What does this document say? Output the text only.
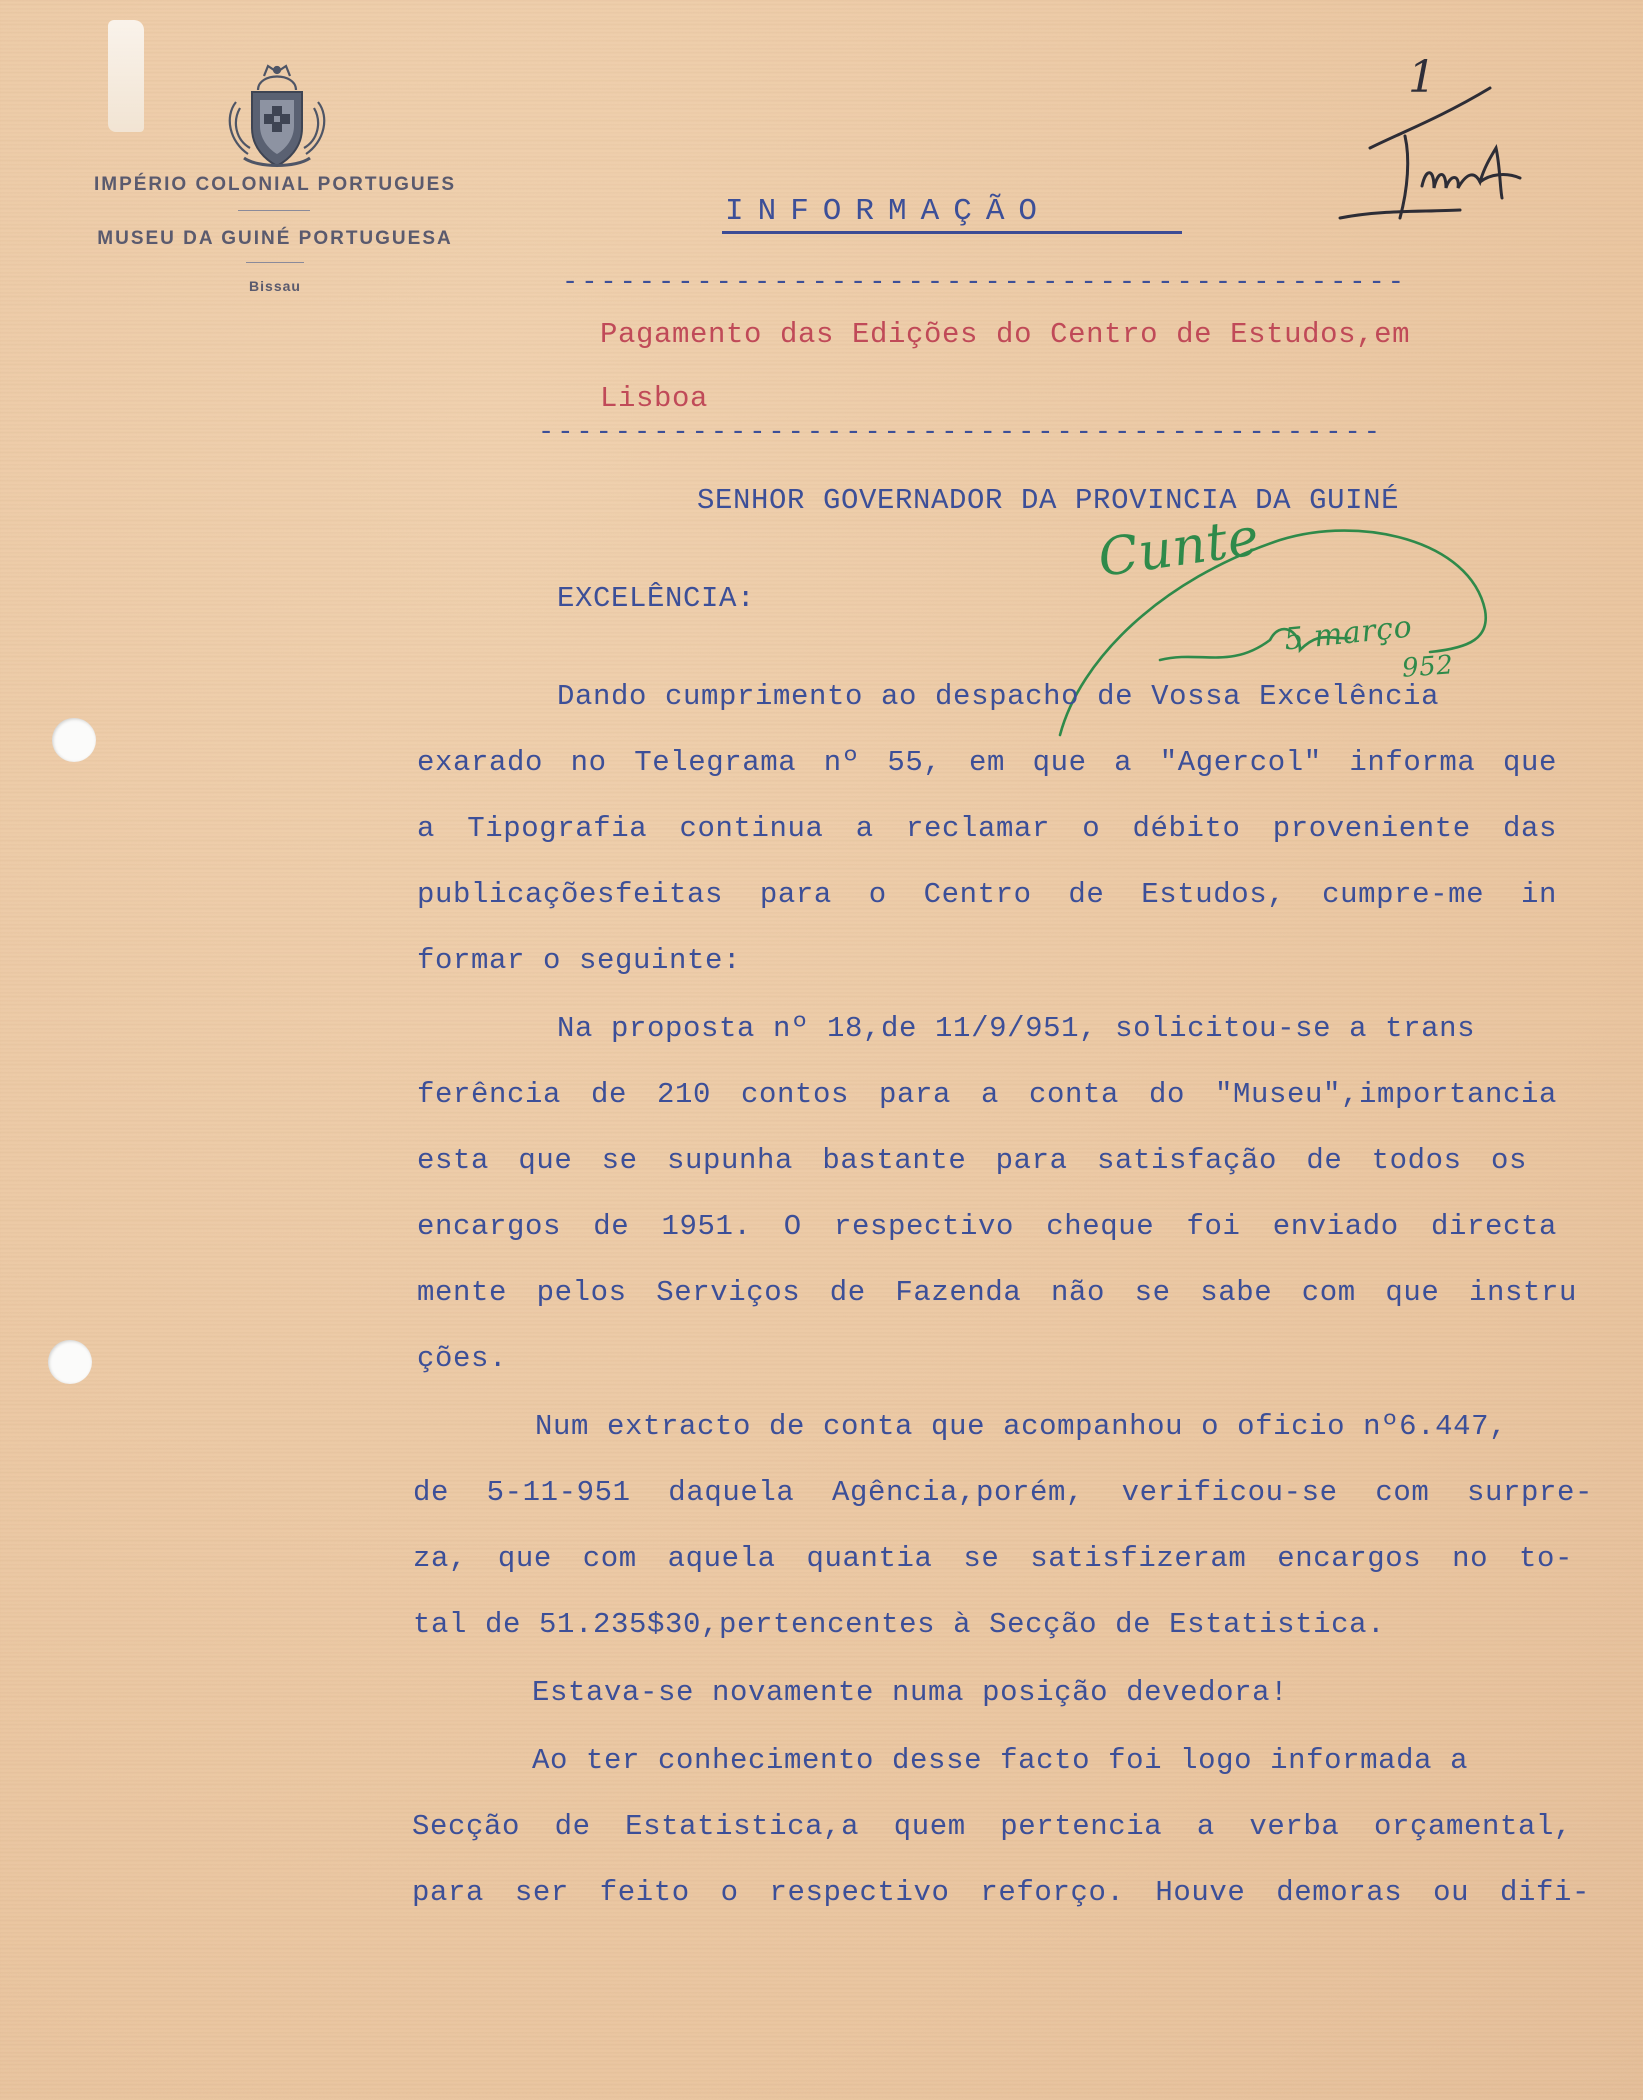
IMPÉRIO COLONIAL PORTUGUES
MUSEU DA GUINÉ PORTUGUESA
Bissau
1
INFORMAÇÃO
--------------------------------------------
Pagamento das Edições do Centro de Estudos,em
Lisboa
--------------------------------------------
SENHOR GOVERNADOR DA PROVINCIA DA GUINÉ
EXCELÊNCIA:
Cunte
5 março
952
Dando cumprimento ao despacho de Vossa Excelência
exarado no Telegrama nº 55, em que a "Agercol" informa que
a Tipografia continua a reclamar o débito proveniente das
publicaçõesfeitas para o Centro de Estudos, cumpre-me in
formar o seguinte:
Na proposta nº 18,de 11/9/951, solicitou-se a trans
ferência de 210 contos para a conta do "Museu",importancia
esta que se supunha bastante para satisfação de todos os
encargos de 1951. O respectivo cheque foi enviado directa
mente pelos Serviços de Fazenda não se sabe com que instru
ções.
Num extracto de conta que acompanhou o oficio nº6.447,
de 5-11-951 daquela Agência,porém, verificou-se com surpre-
za, que com aquela quantia se satisfizeram encargos no to-
tal de 51.235$30,pertencentes à Secção de Estatistica.
Estava-se novamente numa posição devedora!
Ao ter conhecimento desse facto foi logo informada a
Secção de Estatistica,a quem pertencia a verba orçamental,
para ser feito o respectivo reforço. Houve demoras ou difi-
